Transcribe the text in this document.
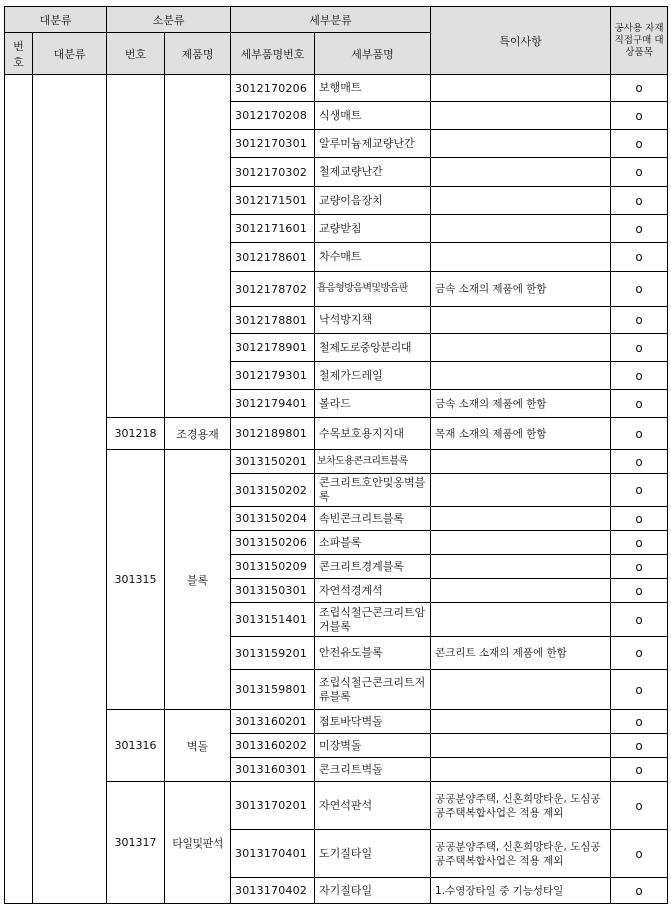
대분류		소분류		세부분류		특이사항	공사용 자재 직접구매 대상품목
번호	대분류	번호	제품명	세부품명번호	세부품명		
				3012170206	보행매트		o
				3012170208	식생매트		o
				3012170301	알루미늄제교량난간		o
				3012170302	철제교량난간		o
				3012171501	교량이음장치		o
				3012171601	교량받침		o
				3012178601	차수매트		o
				3012178702	흡음형방음벽및방음판	금속 소재의 제품에 한함	o
				3012178801	낙석방지책		o
				3012178901	철제도로중앙분리대		o
				3012179301	철제가드레일		o
				3012179401	볼라드	금속 소재의 제품에 한함	o
		301218	조경용재	3012189801	수목보호용지지대	목재 소재의 제품에 한함	o
		301315	블록	3013150201	보차도용콘크리트블록		o
				3013150202	콘크리트호안및옹벽블록		o
				3013150204	속빈콘크리트블록		o
				3013150206	소파블록		o
				3013150209	콘크리트경계블록		o
				3013150301	자연석경계석		o
				3013151401	조립식철근콘크리트암거블록		o
				3013159201	안전유도블록	콘크리트 소재의 제품에 한함	o
				3013159801	조립식철근콘크리트저류블록		o
		301316	벽돌	3013160201	점토바닥벽돌		o
				3013160202	미장벽돌		o
				3013160301	콘크리트벽돌		o
		301317	타일및판석	3013170201	자연석판석	공공분양주택, 신혼희망타운, 도심공공주택복합사업은 적용 제외	o
				3013170401	도기질타일	공공분양주택, 신혼희망타운, 도심공공주택복합사업은 적용 제외	o
				3013170402	자기질타일	1.수영장타일 중 기능성타일	o
